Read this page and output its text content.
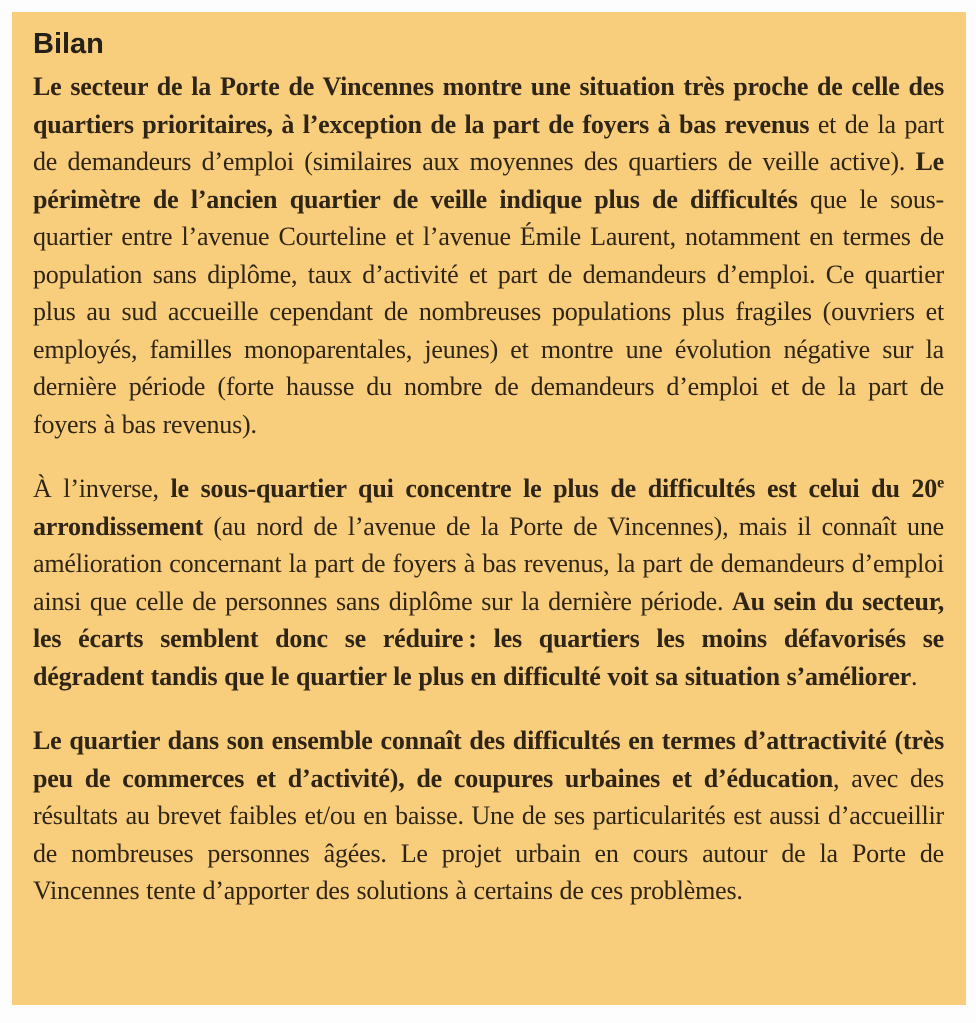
Bilan

Le secteur de la Porte de Vincennes montre une situation très proche de celle des quartiers prioritaires, à l’exception de la part de foyers à bas revenus et de la part de demandeurs d’emploi (similaires aux moyennes des quartiers de veille active). Le périmètre de l’ancien quartier de veille indique plus de difficultés que le sous-quartier entre l’avenue Courteline et l’avenue Émile Laurent, notamment en termes de population sans diplôme, taux d’activité et part de demandeurs d’emploi. Ce quartier plus au sud accueille cependant de nombreuses populations plus fragiles (ouvriers et employés, familles monoparentales, jeunes) et montre une évolution négative sur la dernière période (forte hausse du nombre de demandeurs d’emploi et de la part de foyers à bas revenus).

À l’inverse, le sous-quartier qui concentre le plus de difficultés est celui du 20e arrondissement (au nord de l’avenue de la Porte de Vincennes), mais il connaît une amélioration concernant la part de foyers à bas revenus, la part de demandeurs d’emploi ainsi que celle de personnes sans diplôme sur la dernière période. Au sein du secteur, les écarts semblent donc se réduire : les quartiers les moins défavorisés se dégradent tandis que le quartier le plus en difficulté voit sa situation s’améliorer.

Le quartier dans son ensemble connaît des difficultés en termes d’attractivité (très peu de commerces et d’activité), de coupures urbaines et d’éducation, avec des résultats au brevet faibles et/ou en baisse. Une de ses particularités est aussi d’accueillir de nombreuses personnes âgées. Le projet urbain en cours autour de la Porte de Vincennes tente d’apporter des solutions à certains de ces problèmes.
